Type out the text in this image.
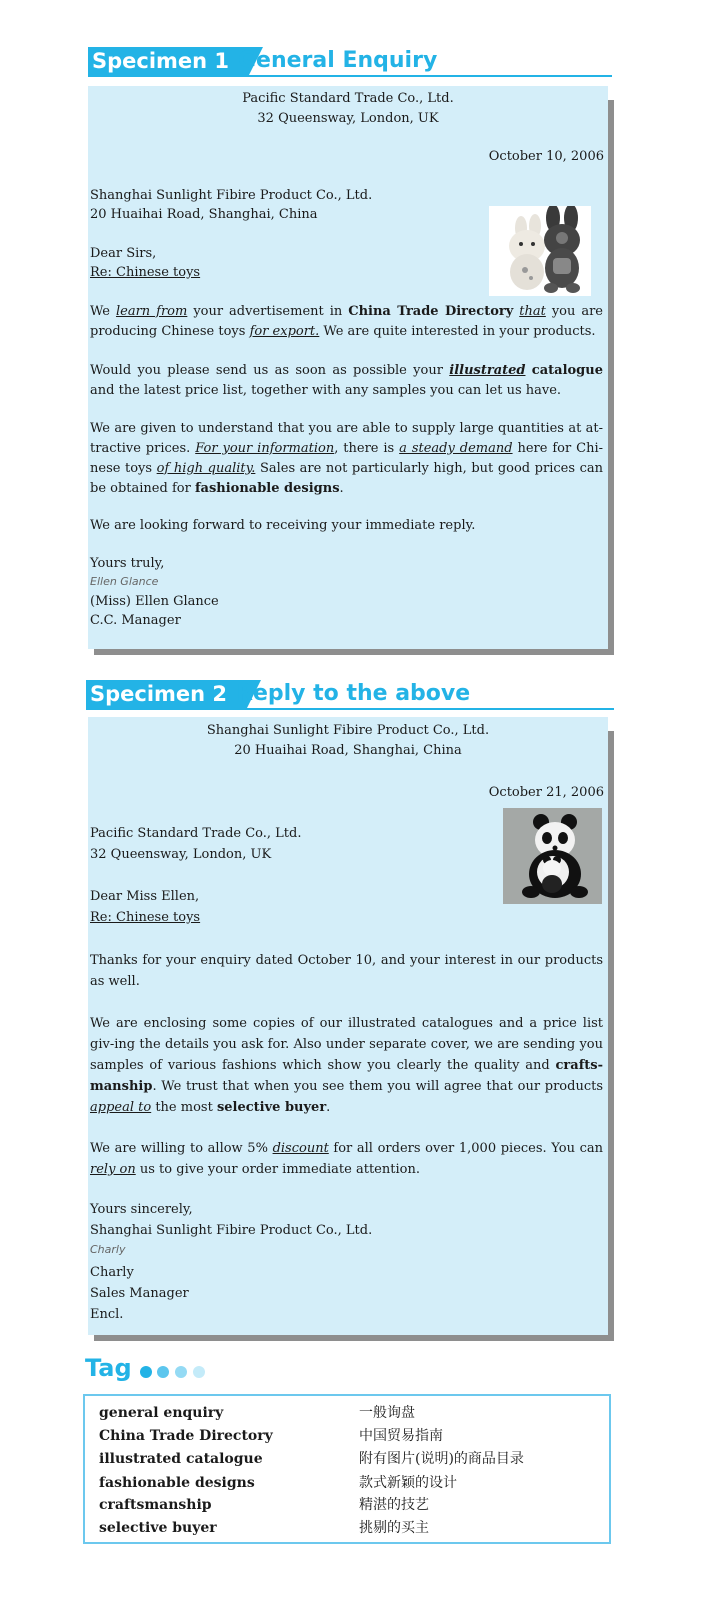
Specimen 1 General Enquiry
Pacific Standard Trade Co., Ltd.
32 Queensway, London, UK
October 10, 2006
Shanghai Sunlight Fibire Product Co., Ltd.
20 Huaihai Road, Shanghai, China
Dear Sirs,
Re: Chinese toys

We learn from your advertisement in China Trade Directory that you are producing Chinese toys for export. We are quite interested in your products.

Would you please send us as soon as possible your illustrated catalogue and the latest price list, together with any samples you can let us have.

We are given to understand that you are able to supply large quantities at at-tractive prices. For your information, there is a steady demand here for Chi-nese toys of high quality. Sales are not particularly high, but good prices can be obtained for fashionable designs.

We are looking forward to receiving your immediate reply.
Yours truly,
Ellen Glance
(Miss) Ellen Glance
C.C. Manager
Specimen 2 Reply to the above
Shanghai Sunlight Fibire Product Co., Ltd.
20 Huaihai Road, Shanghai, China
October 21, 2006
Pacific Standard Trade Co., Ltd.
32 Queensway, London, UK
Dear Miss Ellen,
Re: Chinese toys

Thanks for your enquiry dated October 10, and your interest in our products as well.

We are enclosing some copies of our illustrated catalogues and a price list giv-ing the details you ask for. Also under separate cover, we are sending you samples of various fashions which show you clearly the quality and crafts-manship. We trust that when you see them you will agree that our products appeal to the most selective buyer.

We are willing to allow 5% discount for all orders over 1,000 pieces. You can rely on us to give your order immediate attention.

Yours sincerely,
Shanghai Sunlight Fibire Product Co., Ltd.
Charly
Charly
Sales Manager
Encl.
Tag
general enquiry	一般询盘
China Trade Directory	中国贸易指南
illustrated catalogue	附有图片(说明)的商品目录
fashionable designs	款式新颖的设计
craftsmanship	精湛的技艺
selective buyer	挑剔的买主
